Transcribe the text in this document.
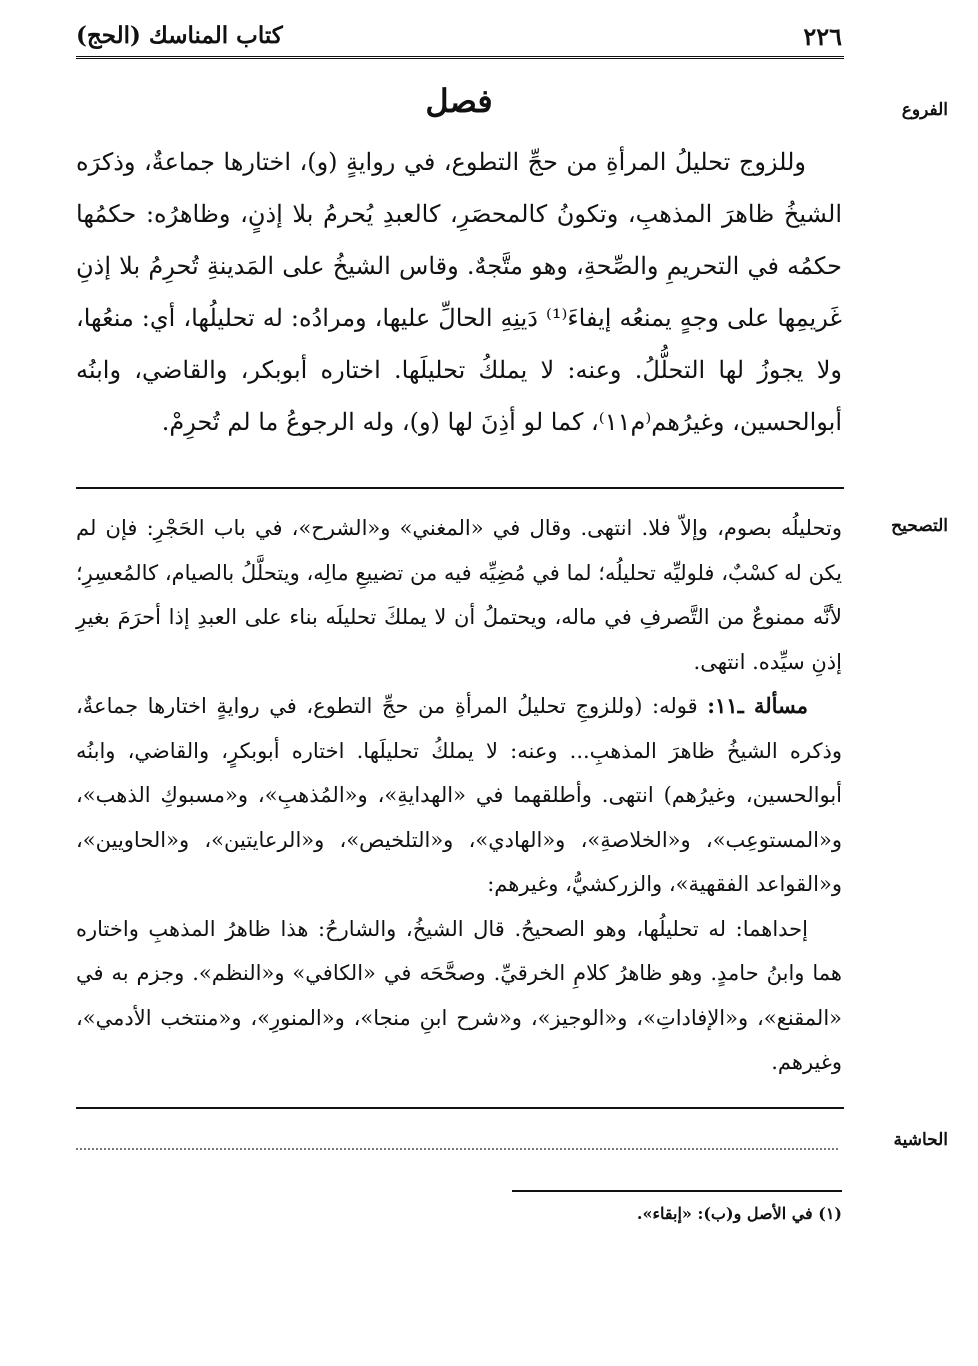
٢٢٦
كتاب المناسك (الحج)
الفروع
فصل

وللزوج تحليلُ المرأةِ من حجِّ التطوع، في روايةٍ (و)، اختارها جماعةٌ، وذكرَه الشيخُ ظاهرَ المذهبِ، وتكونُ كالمحصَرِ، كالعبدِ يُحرمُ بلا إذنٍ، وظاهرُه: حكمُها حكمُه في التحريمِ والصِّحةِ، وهو متَّجهٌ. وقاس الشيخُ على المَدينةِ تُحرِمُ بلا إذنِ غَريمِها على وجهٍ يمنعُه إيفاءَ⁽¹⁾ دَينِهِ الحالِّ عليها، ومرادُه: له تحليلُها، أي: منعُها، ولا يجوزُ لها التحلُّلُ. وعنه: لا يملكُ تحليلَها. اختاره أبوبكر، والقاضي، وابنُه أبوالحسين، وغيرُهم⁽م١١⁾، كما لو أذِنَ لها (و)، وله الرجوعُ ما لم تُحرِمْ.

التصحيح

وتحليلُه بصوم، وإلاّ فلا. انتهى. وقال في «المغني» و«الشرح»، في باب الحَجْرِ: فإن لم يكن له كسْبٌ، فلوليِّه تحليلُه؛ لما في مُضِيِّه فيه من تضييعِ مالِه، ويتحلَّلُ بالصيام، كالمُعسِرِ؛ لأنَّه ممنوعٌ من التَّصرفِ في ماله، ويحتملُ أن لا يملكَ تحليلَه بناء على العبدِ إذا أحرَمَ بغيرِ إذنِ سيِّده. انتهى.

مسألة ـ١١: قوله: (وللزوجِ تحليلُ المرأةِ من حجِّ التطوع، في روايةٍ اختارها جماعةٌ، وذكره الشيخُ ظاهرَ المذهبِ... وعنه: لا يملكُ تحليلَها. اختاره أبوبكرٍ، والقاضي، وابنُه أبوالحسين، وغيرُهم) انتهى. وأطلقهما في «الهدايةِ»، و«المُذهبِ»، و«مسبوكِ الذهب»، و«المستوعِب»، و«الخلاصةِ»، و«الهادي»، و«التلخيص»، و«الرعايتين»، و«الحاويين»، و«القواعد الفقهية»، والزركشيُّ، وغيرهم:

إحداهما: له تحليلُها، وهو الصحيحُ. قال الشيخُ، والشارحُ: هذا ظاهرُ المذهبِ واختاره هما وابنُ حامدٍ. وهو ظاهرُ كلامِ الخرقيِّ. وصحَّحَه في «الكافي» و«النظم». وجزم به في «المقنع»، و«الإفاداتِ»، و«الوجيز»، و«شرح ابنِ منجا»، و«المنورِ»، و«منتخب الأدمي»، وغيرهم.

الحاشية
(١) في الأصل و(ب): «إبقاء».
